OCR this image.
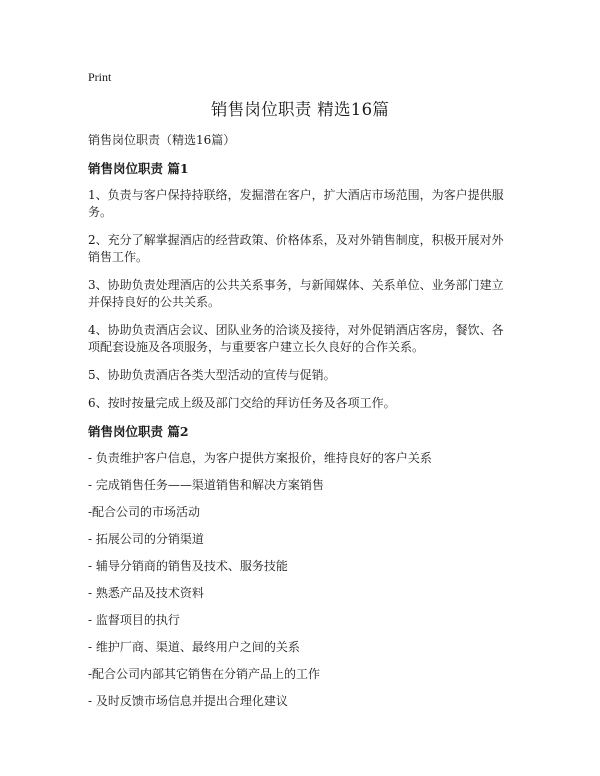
Print
销售岗位职责 精选16篇
销售岗位职责（精选16篇）
销售岗位职责 篇1
1、负责与客户保持持联络，发掘潜在客户，扩大酒店市场范围，为客户提供服务。
2、充分了解掌握酒店的经营政策、价格体系，及对外销售制度，积极开展对外销售工作。
3、协助负责处理酒店的公共关系事务，与新闻媒体、关系单位、业务部门建立并保持良好的公共关系。
4、协助负责酒店会议、团队业务的洽谈及接待，对外促销酒店客房，餐饮、各项配套设施及各项服务，与重要客户建立长久良好的合作关系。
5、协助负责酒店各类大型活动的宣传与促销。
6、按时按量完成上级及部门交给的拜访任务及各项工作。
销售岗位职责 篇2
- 负责维护客户信息，为客户提供方案报价，维持良好的客户关系
- 完成销售任务——渠道销售和解决方案销售
-配合公司的市场活动
- 拓展公司的分销渠道
- 辅导分销商的销售及技术、服务技能
- 熟悉产品及技术资料
- 监督项目的执行
- 维护厂商、渠道、最终用户之间的关系
-配合公司内部其它销售在分销产品上的工作
- 及时反馈市场信息并提出合理化建议
